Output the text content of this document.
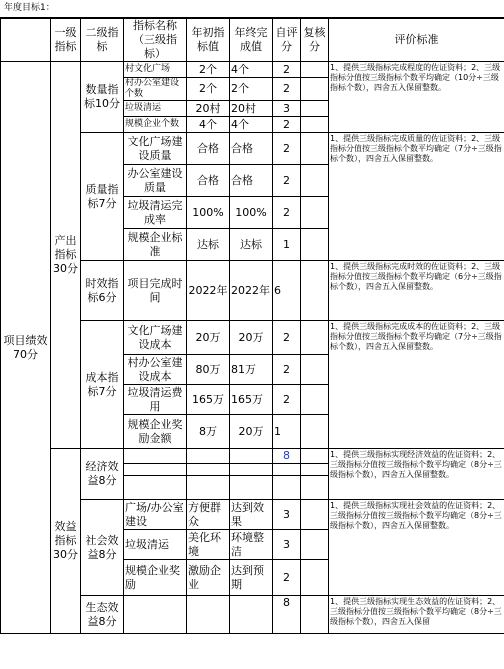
年度目标1：
	一级指标	二级指标	指标名称（三级指标）	年初指标值	年终完成值	自评分	复核分	评价标准
项目绩效70分	产出指标30分	数量指标10分	村文化广场	2个	4个	2		1、提供三级指标完成程度的佐证资料；2、三级指标分值按三级指标个数平均确定（10分÷三级指标个数），四舍五入保留整数。
			村办公室建设个数	2个	2个	2		
			垃圾清运	20村	20村	3		
			规模企业个数	4个	4个	2		
		质量指标7分	文化广场建设质量	合格	合格	2		1、提供三级指标完成质量的佐证资料；2、三级指标分值按三级指标个数平均确定（7分÷三级指标个数），四舍五入保留整数。
			办公室建设质量	合格	合格	2		
			垃圾清运完成率	100%	100%	2		
			规模企业标准	达标	达标	1		
		时效指标6分	项目完成时间	2022年	2022年	6		1、提供三级指标完成时效的佐证资料；2、三级指标分值按三级指标个数平均确定（6分÷三级指标个数），四舍五入保留整数。
		成本指标7分	文化广场建设成本	20万	20万	2		1、提供三级指标完成成本的佐证资料；2、三级指标分值按三级指标个数平均确定（7分÷三级指标个数），四舍五入保留整数。
			村办公室建设成本	80万	81万	2		
			垃圾清运费用	165万	165万	2		
			规模企业奖励金额	8万	20万	1		
	效益指标30分	经济效益8分				8		1、提供三级指标实现经济效益的佐证资料；2、三级指标分值按三级指标个数平均确定（8分÷三级指标个数），四舍五入保留整数。

		社会效益8分	广场/办公室建设	方便群众	达到效果	3		1、提供三级指标实现社会效益的佐证资料；2、三级指标分值按三级指标个数平均确定（8分÷三级指标个数），四舍五入保留整数。
			垃圾清运	美化环境	环境整洁	3		
			规模企业奖励	激励企业	达到预期	2		
		生态效益8分				8		1、提供三级指标实现生态效益的佐证资料；2、三级指标分值按三级指标个数平均确定（8分÷三级指标个数），四舍五入保留
